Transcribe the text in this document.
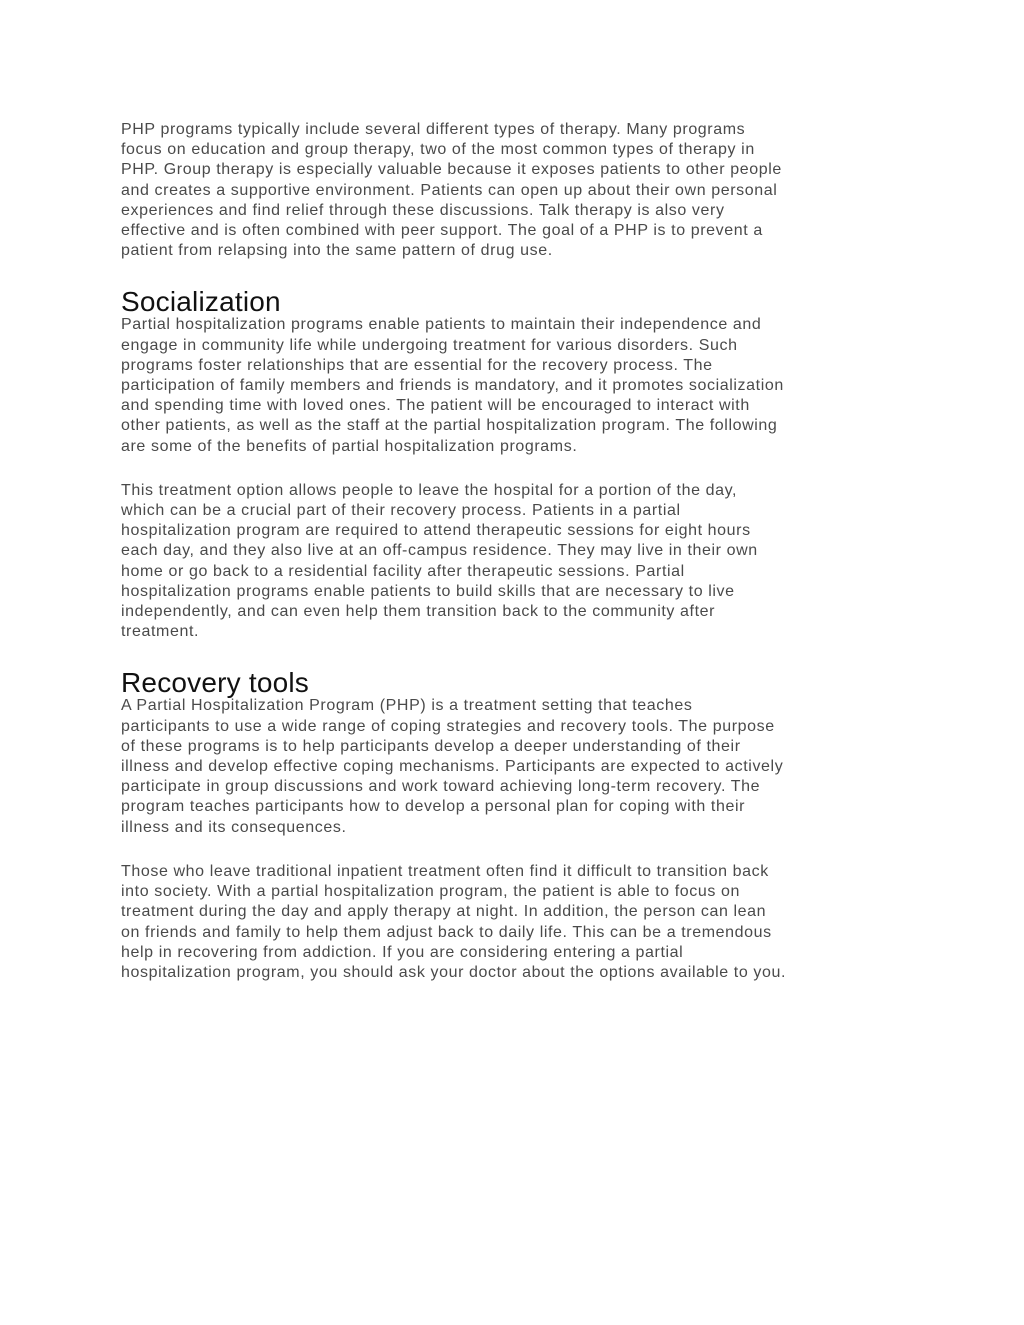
PHP programs typically include several different types of therapy. Many programs
focus on education and group therapy, two of the most common types of therapy in
PHP. Group therapy is especially valuable because it exposes patients to other people
and creates a supportive environment. Patients can open up about their own personal
experiences and find relief through these discussions. Talk therapy is also very
effective and is often combined with peer support. The goal of a PHP is to prevent a
patient from relapsing into the same pattern of drug use.

Socialization

Partial hospitalization programs enable patients to maintain their independence and
engage in community life while undergoing treatment for various disorders. Such
programs foster relationships that are essential for the recovery process. The
participation of family members and friends is mandatory, and it promotes socialization
and spending time with loved ones. The patient will be encouraged to interact with
other patients, as well as the staff at the partial hospitalization program. The following
are some of the benefits of partial hospitalization programs.

This treatment option allows people to leave the hospital for a portion of the day,
which can be a crucial part of their recovery process. Patients in a partial
hospitalization program are required to attend therapeutic sessions for eight hours
each day, and they also live at an off-campus residence. They may live in their own
home or go back to a residential facility after therapeutic sessions. Partial
hospitalization programs enable patients to build skills that are necessary to live
independently, and can even help them transition back to the community after
treatment.

Recovery tools

A Partial Hospitalization Program (PHP) is a treatment setting that teaches
participants to use a wide range of coping strategies and recovery tools. The purpose
of these programs is to help participants develop a deeper understanding of their
illness and develop effective coping mechanisms. Participants are expected to actively
participate in group discussions and work toward achieving long-term recovery. The
program teaches participants how to develop a personal plan for coping with their
illness and its consequences.

Those who leave traditional inpatient treatment often find it difficult to transition back
into society. With a partial hospitalization program, the patient is able to focus on
treatment during the day and apply therapy at night. In addition, the person can lean
on friends and family to help them adjust back to daily life. This can be a tremendous
help in recovering from addiction. If you are considering entering a partial
hospitalization program, you should ask your doctor about the options available to you.
